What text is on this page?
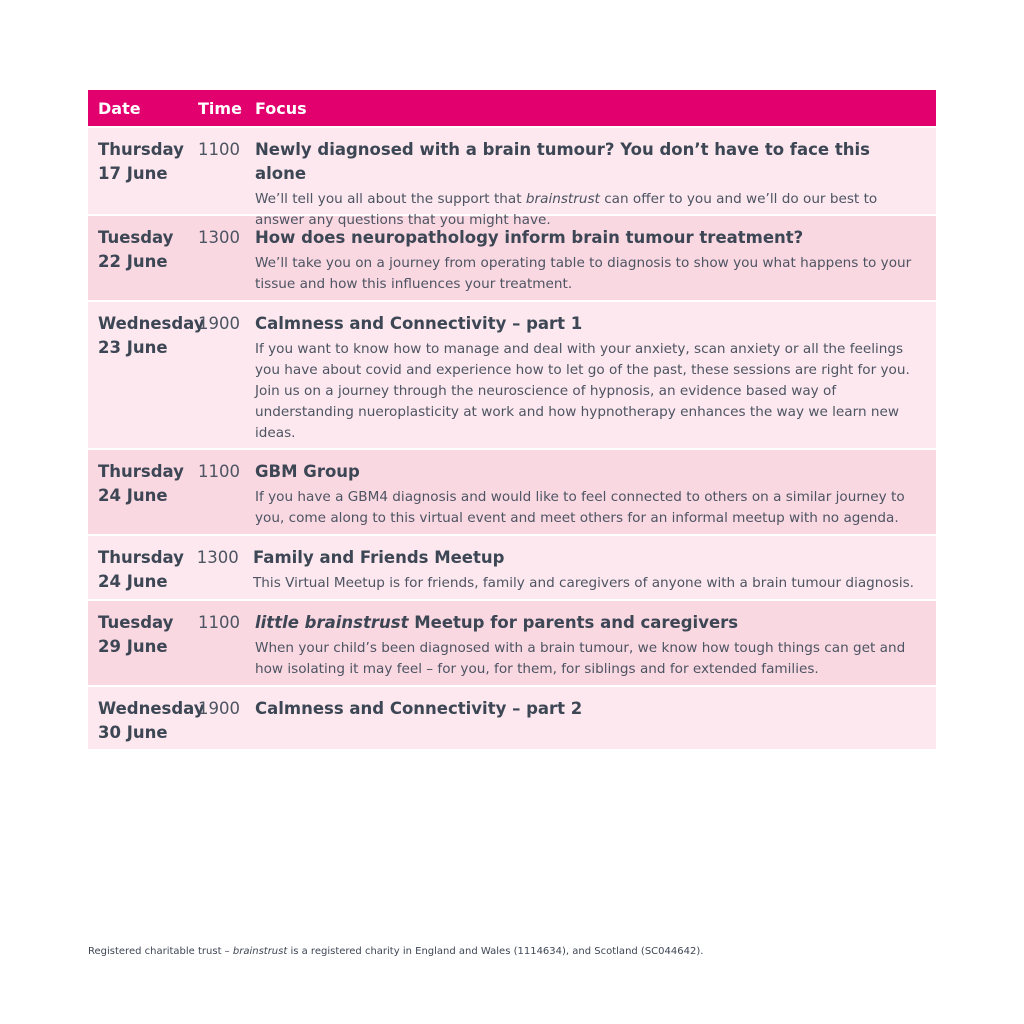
Date	Time Focus
Thursday
17 June
1100 Newly diagnosed with a brain tumour? You don’t have to face this alone
We’ll tell you all about the support that brainstrust can offer to you and we’ll do our best to answer any questions that you might have.
Tuesday
22 June
1300 How does neuropathology inform brain tumour treatment?
We’ll take you on a journey from operating table to diagnosis to show you what happens to your tissue and how this influences your treatment.
Wednesday
23 June
1900 Calmness and Connectivity – part 1
If you want to know how to manage and deal with your anxiety, scan anxiety or all the feelings you have about covid and experience how to let go of the past, these sessions are right for you. Join us on a journey through the neuroscience of hypnosis, an evidence based way of understanding nueroplasticity at work and how hypnotherapy enhances the way we learn new ideas.
Thursday
24 June
1100 GBM Group
If you have a GBM4 diagnosis and would like to feel connected to others on a similar journey to you, come along to this virtual event and meet others for an informal meetup with no agenda.
Thursday
24 June
1300 Family and Friends Meetup
This Virtual Meetup is for friends, family and caregivers of anyone with a brain tumour diagnosis.
Tuesday
29 June
1100 little brainstrust Meetup for parents and caregivers
When your child’s been diagnosed with a brain tumour, we know how tough things can get and how isolating it may feel – for you, for them, for siblings and for extended families.
Wednesday
30 June
1900 Calmness and Connectivity – part 2
Registered charitable trust – brainstrust is a registered charity in England and Wales (1114634), and Scotland (SC044642).
